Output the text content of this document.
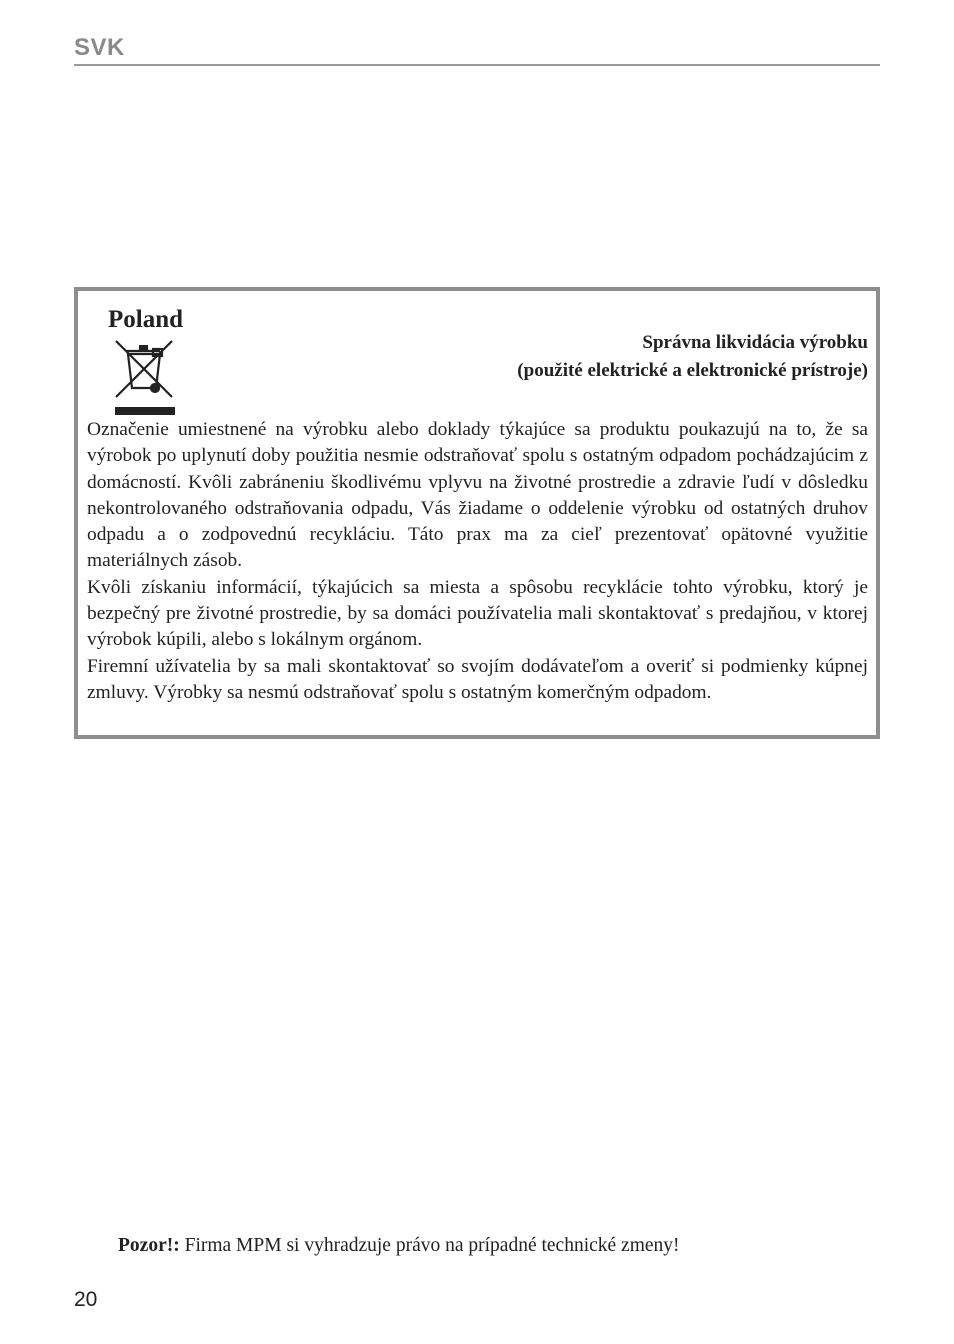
SVK
Poland
Správna likvidácia výrobku
(použité elektrické a elektronické prístroje)

Označenie umiestnené na výrobku alebo doklady týkajúce sa produktu poukazujú na to, že sa výrobok po uplynutí doby použitia nesmie odstraňovať spolu s ostatným odpadom pochádzajúcim z domácností. Kvôli zabráneniu škodlivému vplyvu na životné prostredie a zdravie ľudí v dôsledku nekontrolovaného odstraňovania odpadu, Vás žiadame o oddelenie výrobku od ostatných druhov odpadu a o zodpovednú recykláciu. Táto prax ma za cieľ prezentovať opätovné využitie materiálnych zásob.

Kvôli získaniu informácií, týkajúcich sa miesta a spôsobu recyklácie tohto výrobku, ktorý je bezpečný pre životné prostredie, by sa domáci používatelia mali skontaktovať s predajňou, v ktorej výrobok kúpili, alebo s lokálnym orgánom.

Firemní užívatelia by sa mali skontaktovať so svojím dodávateľom a overiť si podmienky kúpnej zmluvy. Výrobky sa nesmú odstraňovať spolu s ostatným komerčným odpadom.

Pozor!: Firma MPM si vyhradzuje právo na prípadné technické zmeny!
20
